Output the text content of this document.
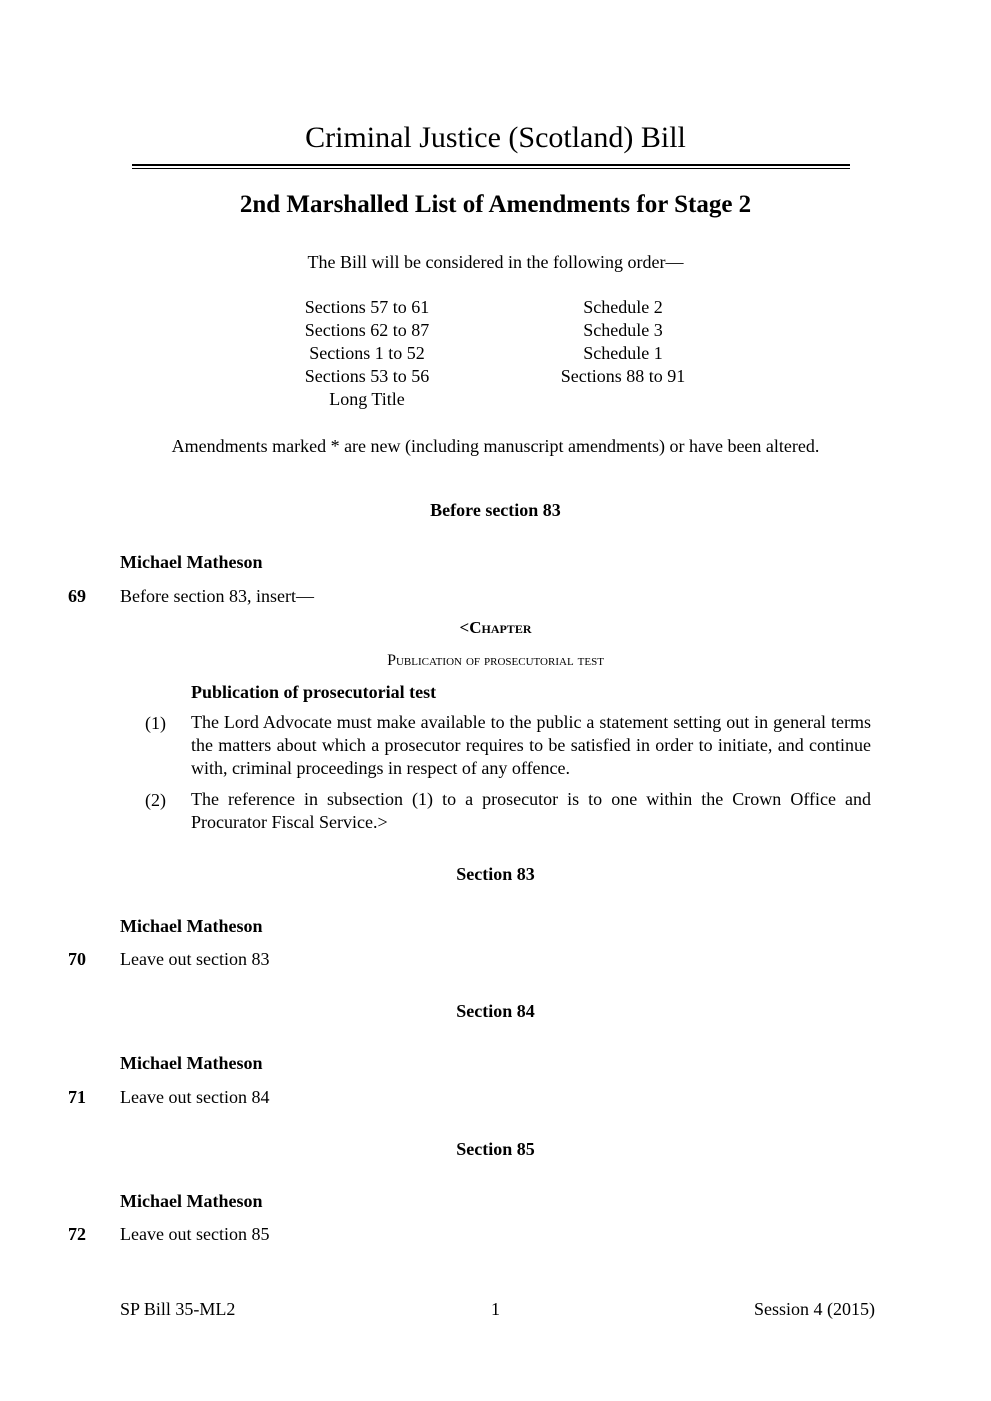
Criminal Justice (Scotland) Bill
2nd Marshalled List of Amendments for Stage 2
The Bill will be considered in the following order—
Sections 57 to 61
Sections 62 to 87
Sections 1 to 52
Sections 53 to 56
Long Title
Schedule 2
Schedule 3
Schedule 1
Sections 88 to 91
Amendments marked * are new (including manuscript amendments) or have been altered.
Before section 83
Michael Matheson
69 Before section 83, insert—
<Chapter
Publication of prosecutorial test
Publication of prosecutorial test
(1) The Lord Advocate must make available to the public a statement setting out in general terms the matters about which a prosecutor requires to be satisfied in order to initiate, and continue with, criminal proceedings in respect of any offence.
(2) The reference in subsection (1) to a prosecutor is to one within the Crown Office and Procurator Fiscal Service.>
Section 83
Michael Matheson
70 Leave out section 83
Section 84
Michael Matheson
71 Leave out section 84
Section 85
Michael Matheson
72 Leave out section 85
SP Bill 35-ML2	1	Session 4 (2015)
